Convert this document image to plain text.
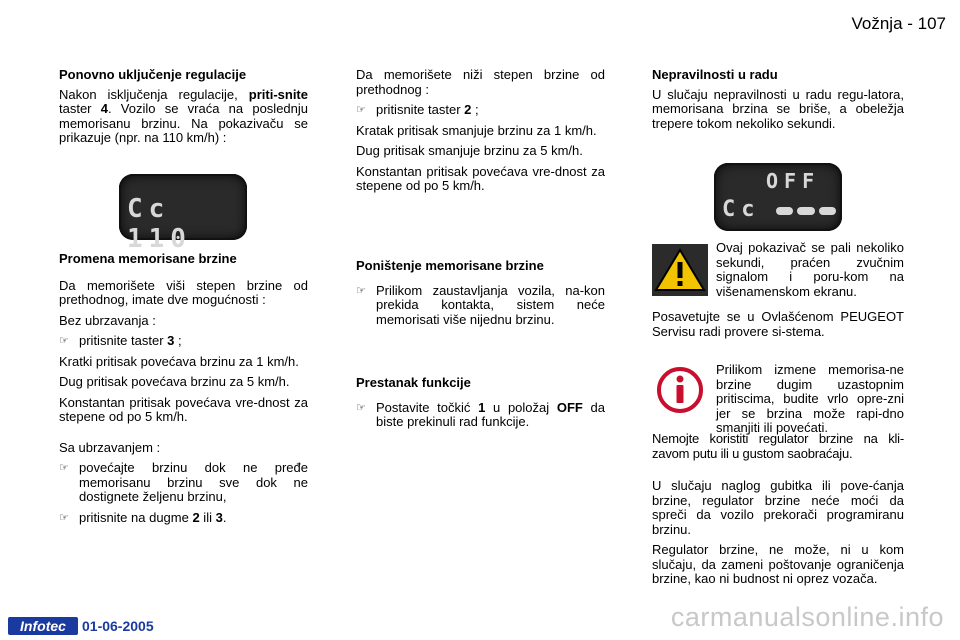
Vožnja - 107
Ponovno uključenje regulacije

Nakon isključenja regulacije, priti-snite taster 4. Vozilo se vraća na poslednju memorisanu brzinu. Na pokazivaču se prikazuje (npr. na 110 km/h) :

Cc 110
Promena memorisane brzine

Da memorišete viši stepen brzine od prethodnog, imate dve mogućnosti :

Bez ubrzavanja :

☞ pritisnite taster 3 ;

Kratki pritisak povećava brzinu za 1 km/h.

Dug pritisak povećava brzinu za 5 km/h.

Konstantan pritisak povećava vre-dnost za stepene od po 5 km/h.

Sa ubrzavanjem :

☞ povećajte brzinu dok ne pređe memorisanu brzinu sve dok ne dostignete željenu brzinu,
☞ pritisnite na dugme 2 ili 3.

Da memorišete niži stepen brzine od prethodnog :

☞ pritisnite taster 2 ;

Kratak pritisak smanjuje brzinu za 1 km/h.

Dug pritisak smanjuje brzinu za 5 km/h.

Konstantan pritisak povećava vre-dnost za stepene od po 5 km/h.

Poništenje memorisane brzine
☞ Prilikom zaustavljanja vozila, na-kon prekida kontakta, sistem neće memorisati više nijednu brzinu.
Prestanak funkcije
☞ Postavite točkić 1 u položaj OFF da biste prekinuli rad funkcije.
Nepravilnosti u radu

U slučaju nepravilnosti u radu regu-latora, memorisana brzina se briše, a obeležja trepere tokom nekoliko sekundi.

OFF
Cc

Ovaj pokazivač se pali nekoliko sekundi, praćen zvučnim signalom i poru-kom na višenamenskom ekranu.

Posavetujte se u Ovlašćenom PEUGEOT Servisu radi provere si-stema.

Prilikom izmene memorisa-ne brzine dugim uzastopnim pritiscima, budite vrlo opre-zni jer se brzina može rapi-dno smanjiti ili povećati.

Nemojte koristiti regulator brzine na kli-zavom putu ili u gustom saobraćaju.

U slučaju naglog gubitka ili pove-ćanja brzine, regulator brzine neće moći da spreči da vozilo prekorači programiranu brzinu.

Regulator brzine, ne može, ni u kom slučaju, da zameni poštovanje ograničenja brzine, kao ni budnost ni oprez vozača.

Infotec	01-06-2005	carmanualsonline.info
